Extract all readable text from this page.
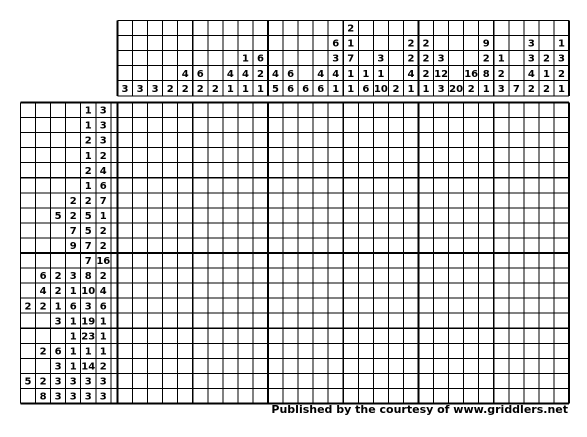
3 3 3 2
4
2
6
2 2
4
1
1
4
1
6
2
1
4
5
6
6 6
4
6
6
3
4
1
2
1
7
1
1
1
6
3
1
10 2
2
2
4
1
2
2
2
1
3
12
3 20
16
2
9
2
8
1
1
2
3 7
3
3
4
2
2
1
2
1
3
2
1
1 3
1 3
2 3
1 2
2 4
1 6
2 2 7
5 2 5 1
7 5 2
9 7 2
7 16
6 2 3 8 2
4 2 1 10 4
2 2 1 6 3 6
3 1 19 1
1 23 1
2 6 1 1 1
3 1 14 2
5 2 3 3 3 3
8 3 3 3 3
Published by the courtesy of www.griddlers.net
